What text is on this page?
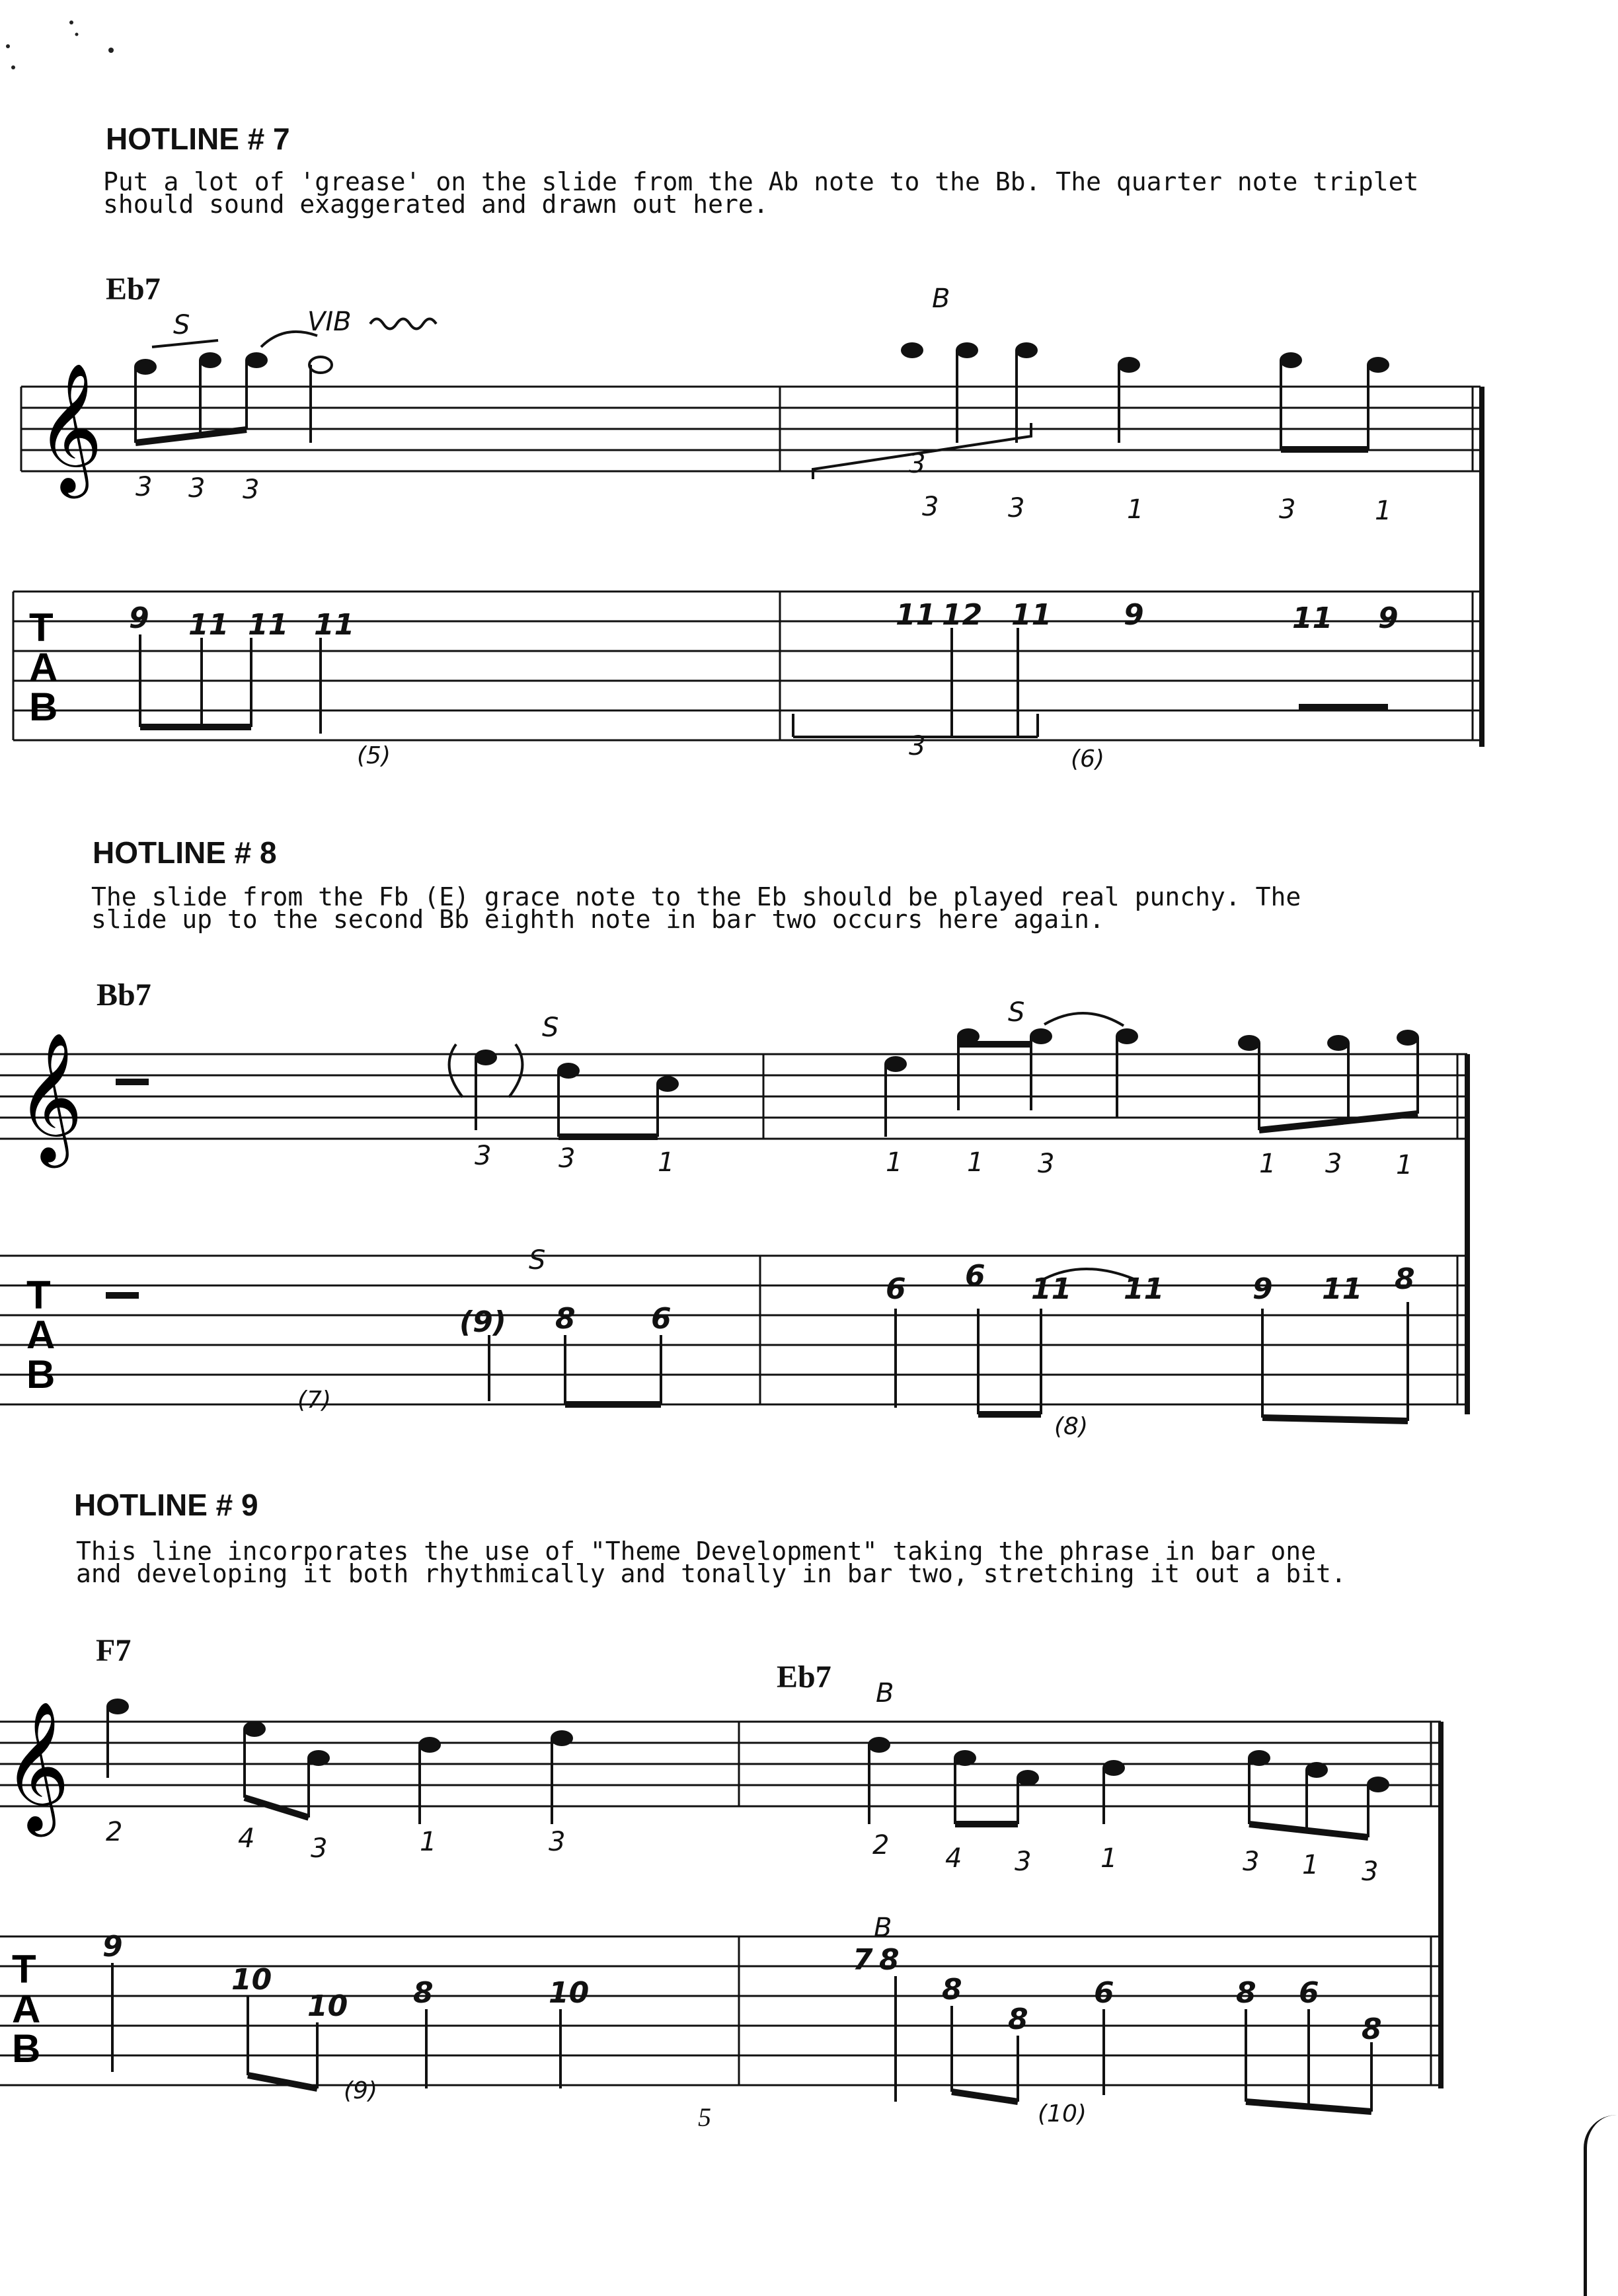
HOTLINE # 7
Put a lot of 'grease' on the slide from the Ab note to the Bb. The quarter note triplet
should sound exaggerated and drawn out here.
Eb7
𝄞
T A B
3 3 3
3	3	1	3	1
S	VIB
B
3
3
9 11 11 11	11 12 11 9	11 9
(5)	(6)
HOTLINE # 8
The slide from the Fb (E) grace note to the Eb should be played real punchy. The
slide up to the second Bb eighth note in bar two occurs here again.
Bb7
𝄞
T A B
3	3	1	1 1 3	1 3 1
S	S
S
(9) 8	6
6 6 11 11	9 11 8
(7)
(8)
HOTLINE # 9
This line incorporates the use of "Theme Development" taking the phrase in bar one
and developing it both rhythmically and tonally in bar two, stretching it out a bit.
F7
Eb7
𝄞
T A B
2	4 3	1	3	2 4 3	1	3 1 3
B
B
9
10
10 8	10
7 8
8
8
6	8 6
8
(9)
(10)
5
